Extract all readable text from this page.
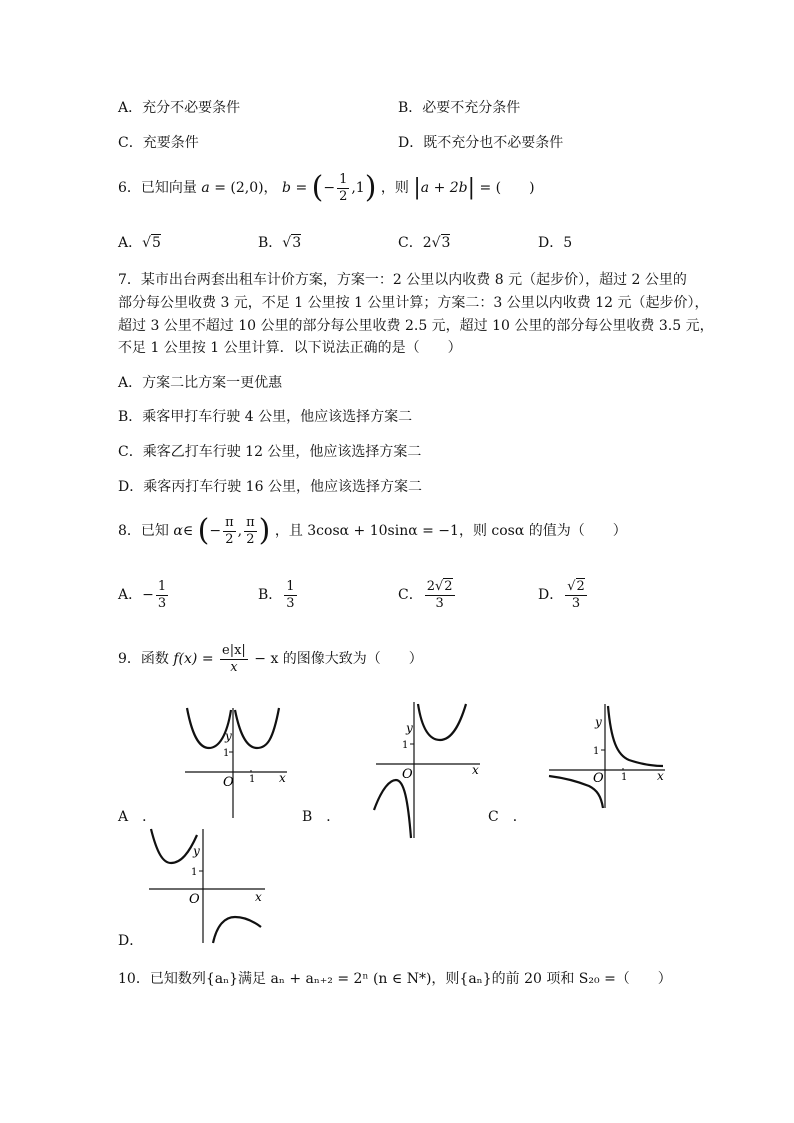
A．充分不必要条件	B．必要不充分条件
C．充要条件	D．既不充分也不必要条件
6．已知向量 a = (2,0)， b = (− $\frac{1}{2} ,1$) ，则 |a + 2b| = (　　)
A．√5	B．√3	C．2√3	D．5
7．某市出台两套出租车计价方案，方案一：2 公里以内收费 8 元（起步价），超过 2 公里的
部分每公里收费 3 元，不足 1 公里按 1 公里计算；方案二：3 公里以内收费 12 元（起步价），
超过 3 公里不超过 10 公里的部分每公里收费 2.5 元，超过 10 公里的部分每公里收费 3.5 元，
不足 1 公里按 1 公里计算．以下说法正确的是（　　）
A．方案二比方案一更优惠
B．乘客甲打车行驶 4 公里，他应该选择方案二
C．乘客乙打车行驶 12 公里，他应该选择方案二
D．乘客丙打车行驶 16 公里，他应该选择方案二
8．已知 α∈ (− $\frac{\pi}{2}$ , $\frac{\pi}{2}$ ) ，且 3cosα + 10sinα = −1，则 cosα 的值为（　　）
A．− $\frac{1}{3}$	B． $\frac{1}{3}$	C． $\frac{2√2}{3}$	D． $\frac{√2}{3}$
9．函数 $f(x) = \frac{e|x|}{x} - x$ 的图像大致为（　　）
y
1
1
O	x
A　．
y
1
O	x
B　．
y
1
1
O	x
C　．
y
1
O	x
D．
10．已知数列{aₙ}满足 aₙ + aₙ₊₂ = 2ⁿ (n ∈ N*)，则{aₙ}的前 20 项和 S₂₀ =（　　）
